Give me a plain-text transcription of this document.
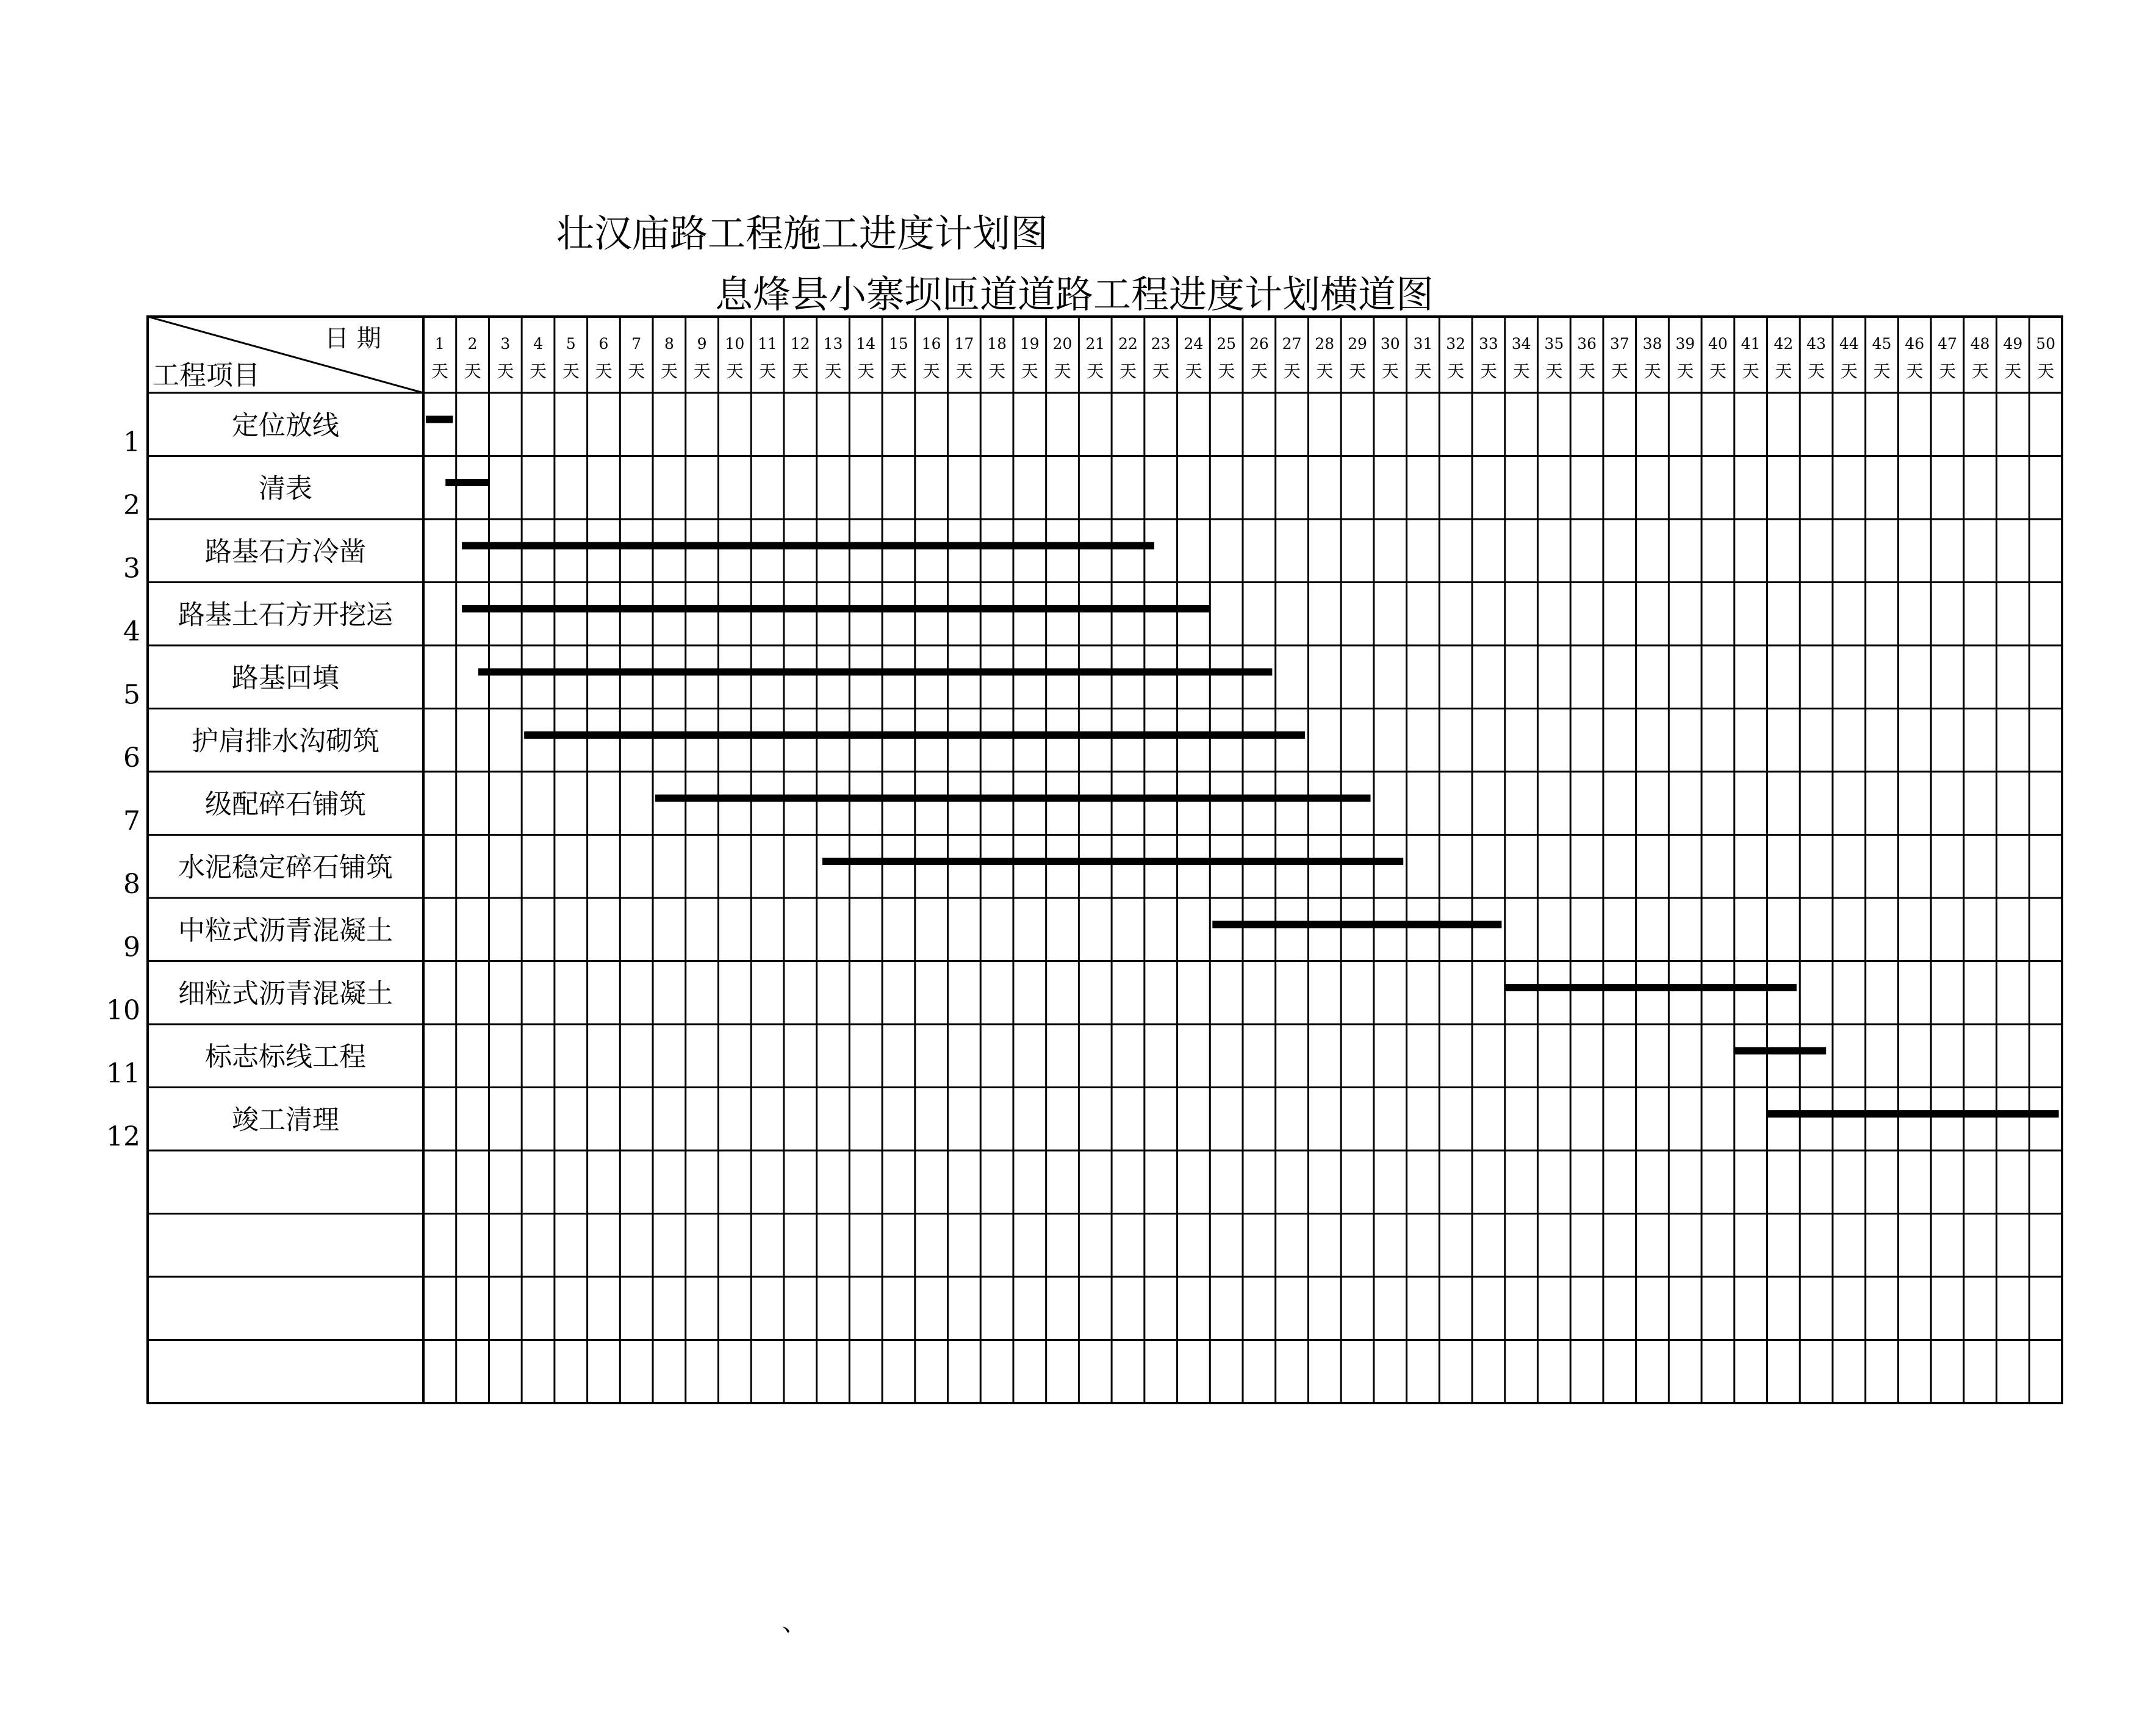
壮汉庙路工程施工进度计划图
息烽县小寨坝匝道道路工程进度计划横道图
日 期
工程项目
1
天
2
天
3
天
4
天
5
天
6
天
7
天
8
天
9
天
10
天
11
天
12
天
13
天
14
天
15
天
16
天
17
天
18
天
19
天
20
天
21
天
22
天
23
天
24
天
25
天
26
天
27
天
28
天
29
天
30
天
31
天
32
天
33
天
34
天
35
天
36
天
37
天
38
天
39
天
40
天
41
天
42
天
43
天
44
天
45
天
46
天
47
天
48
天
49
天
50
天
1
定位放线
2
清表
3
路基石方冷凿
4
路基土石方开挖运
5
路基回填
6
护肩排水沟砌筑
7
级配碎石铺筑
8
水泥稳定碎石铺筑
9
中粒式沥青混凝土
10
细粒式沥青混凝土
11
标志标线工程
12
竣工清理
、
